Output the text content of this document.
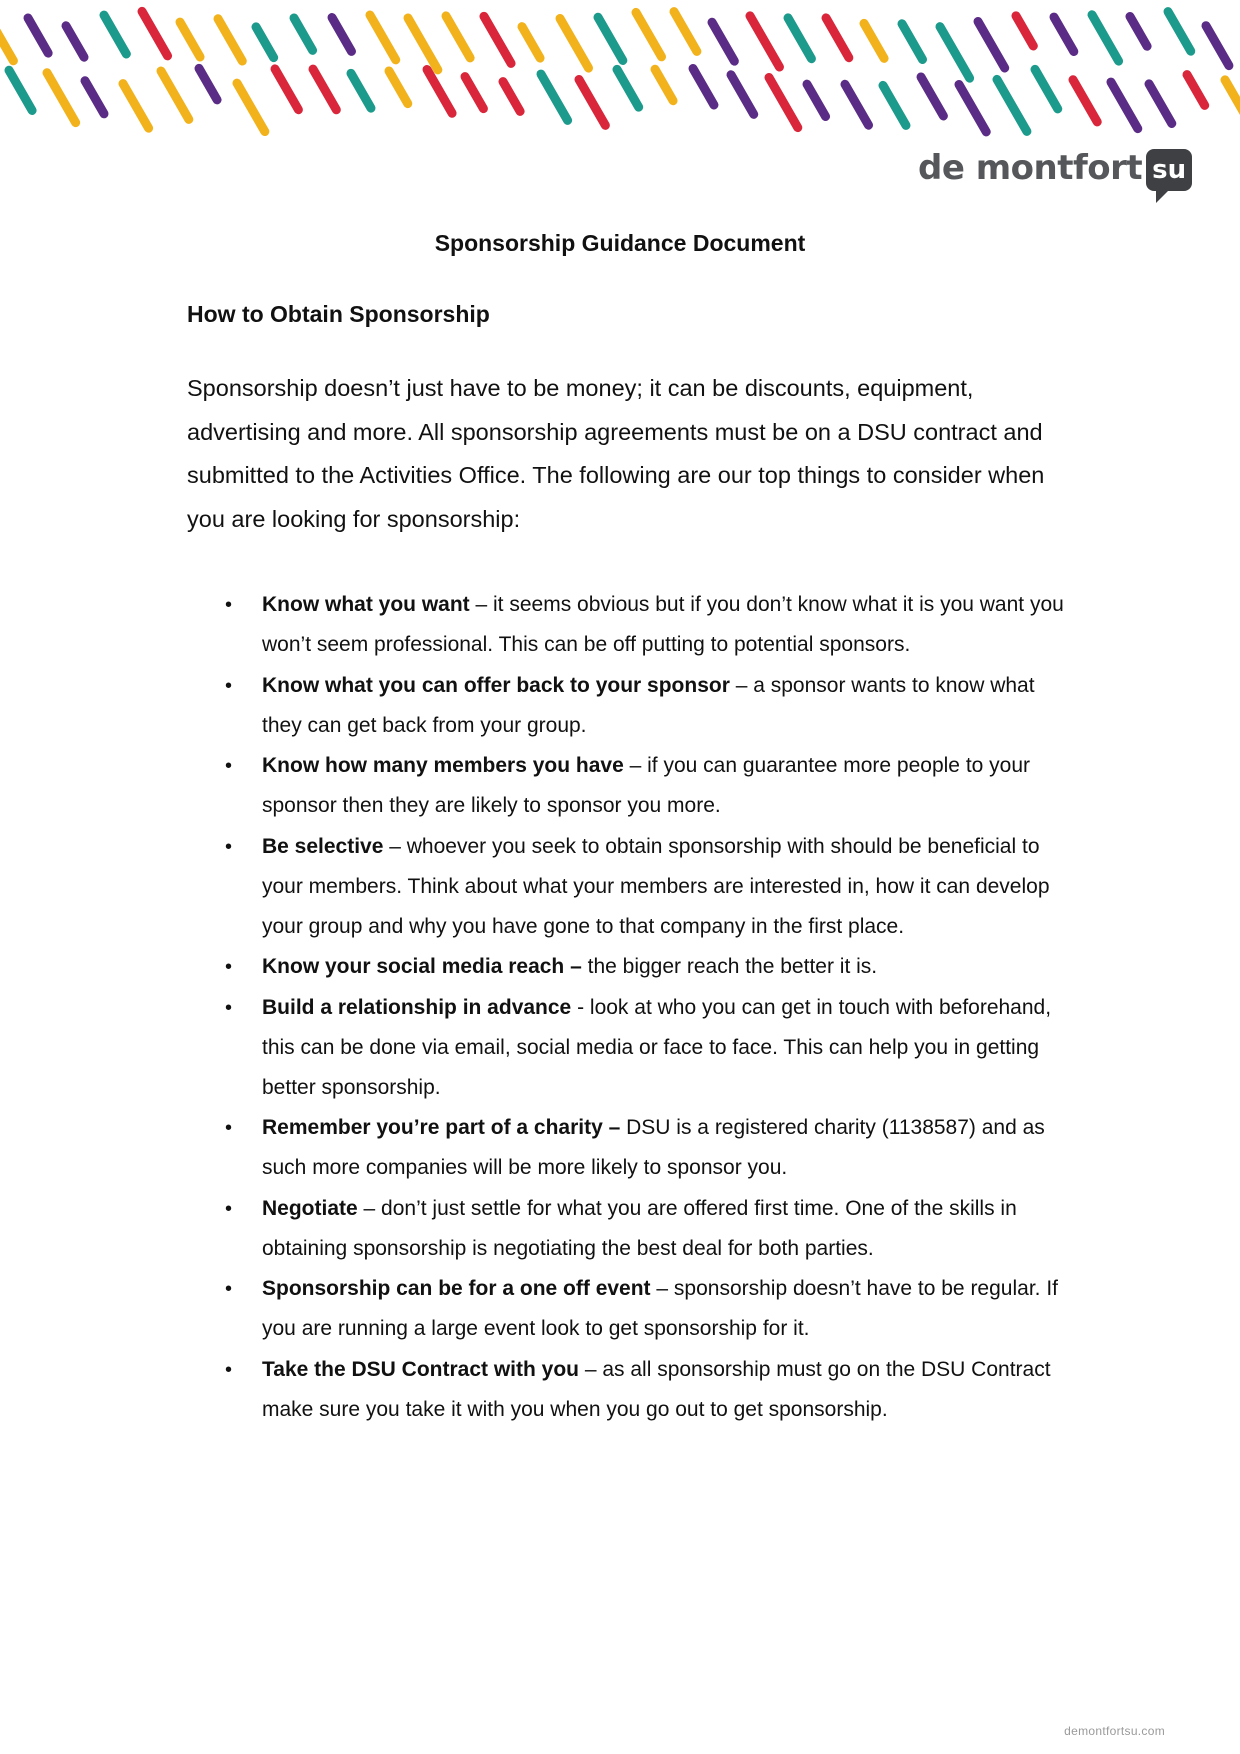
de montfort su
Sponsorship Guidance Document
How to Obtain Sponsorship

Sponsorship doesn’t just have to be money; it can be discounts, equipment, advertising and more. All sponsorship agreements must be on a DSU contract and submitted to the Activities Office. The following are our top things to consider when you are looking for sponsorship:

• Know what you want – it seems obvious but if you don’t know what it is you want you won’t seem professional. This can be off putting to potential sponsors.
• Know what you can offer back to your sponsor – a sponsor wants to know what they can get back from your group.
• Know how many members you have – if you can guarantee more people to your sponsor then they are likely to sponsor you more.
• Be selective – whoever you seek to obtain sponsorship with should be beneficial to your members. Think about what your members are interested in, how it can develop your group and why you have gone to that company in the first place.
• Know your social media reach – the bigger reach the better it is.
• Build a relationship in advance - look at who you can get in touch with beforehand, this can be done via email, social media or face to face. This can help you in getting better sponsorship.
• Remember you’re part of a charity – DSU is a registered charity (1138587) and as such more companies will be more likely to sponsor you.
• Negotiate – don’t just settle for what you are offered first time. One of the skills in obtaining sponsorship is negotiating the best deal for both parties.
• Sponsorship can be for a one off event – sponsorship doesn’t have to be regular. If you are running a large event look to get sponsorship for it.
• Take the DSU Contract with you – as all sponsorship must go on the DSU Contract make sure you take it with you when you go out to get sponsorship.
demontfortsu.com
